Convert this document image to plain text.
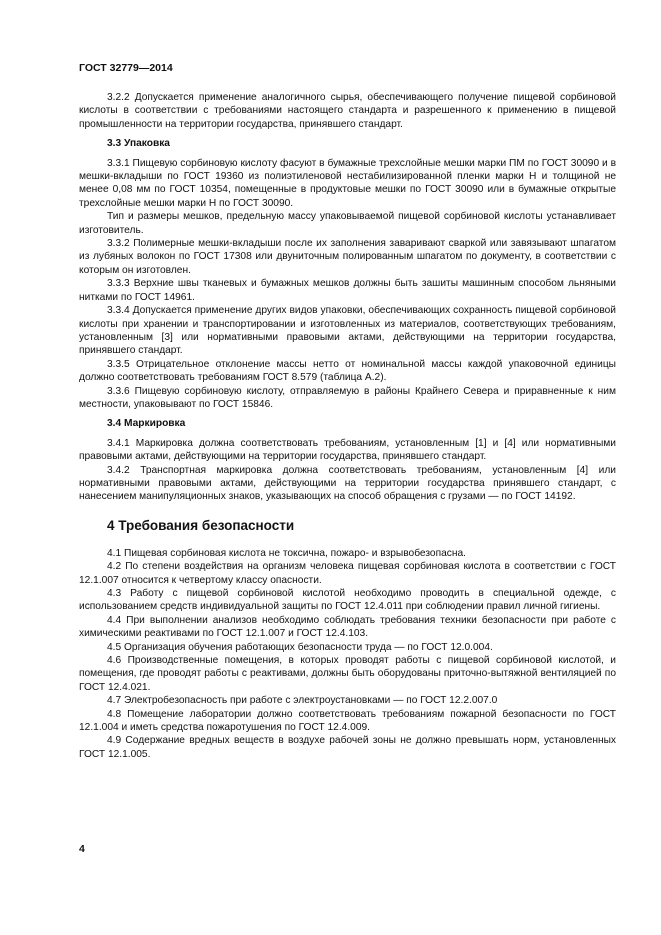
ГОСТ 32779—2014

3.2.2 Допускается применение аналогичного сырья, обеспечивающего получение пищевой сорбиновой кислоты в соответствии с требованиями настоящего стандарта и разрешенного к применению в пищевой промышленности на территории государства, принявшего стандарт.

3.3 Упаковка

3.3.1 Пищевую сорбиновую кислоту фасуют в бумажные трехслойные мешки марки ПМ по ГОСТ 30090 и в мешки-вкладыши по ГОСТ 19360 из полиэтиленовой нестабилизированной пленки марки Н и толщиной не менее 0,08 мм по ГОСТ 10354, помещенные в продуктовые мешки по ГОСТ 30090 или в бумажные открытые трехслойные мешки марки Н по ГОСТ 30090.

Тип и размеры мешков, предельную массу упаковываемой пищевой сорбиновой кислоты устанавливает изготовитель.

3.3.2 Полимерные мешки-вкладыши после их заполнения заваривают сваркой или завязывают шпагатом из лубяных волокон по ГОСТ 17308 или двуниточным полированным шпагатом по документу, в соответствии с которым он изготовлен.

3.3.3 Верхние швы тканевых и бумажных мешков должны быть зашиты машинным способом льняными нитками по ГОСТ 14961.

3.3.4 Допускается применение других видов упаковки, обеспечивающих сохранность пищевой сорбиновой кислоты при хранении и транспортировании и изготовленных из материалов, соответствующих требованиям, установленным [3] или нормативными правовыми актами, действующими на территории государства, принявшего стандарт.

3.3.5 Отрицательное отклонение массы нетто от номинальной массы каждой упаковочной единицы должно соответствовать требованиям ГОСТ 8.579 (таблица А.2).

3.3.6 Пищевую сорбиновую кислоту, отправляемую в районы Крайнего Севера и приравненные к ним местности, упаковывают по ГОСТ 15846.

3.4 Маркировка

3.4.1 Маркировка должна соответствовать требованиям, установленным [1] и [4] или нормативными правовыми актами, действующими на территории государства, принявшего стандарт.

3.4.2 Транспортная маркировка должна соответствовать требованиям, установленным [4] или нормативными правовыми актами, действующими на территории государства принявшего стандарт, с нанесением манипуляционных знаков, указывающих на способ обращения с грузами — по ГОСТ 14192.

4 Требования безопасности

4.1 Пищевая сорбиновая кислота не токсична, пожаро- и взрывобезопасна.

4.2 По степени воздействия на организм человека пищевая сорбиновая кислота в соответствии с ГОСТ 12.1.007 относится к четвертому классу опасности.

4.3 Работу с пищевой сорбиновой кислотой необходимо проводить в специальной одежде, с использованием средств индивидуальной защиты по ГОСТ 12.4.011 при соблюдении правил личной гигиены.

4.4 При выполнении анализов необходимо соблюдать требования техники безопасности при работе с химическими реактивами по ГОСТ 12.1.007 и ГОСТ 12.4.103.

4.5 Организация обучения работающих безопасности труда — по ГОСТ 12.0.004.

4.6 Производственные помещения, в которых проводят работы с пищевой сорбиновой кислотой, и помещения, где проводят работы с реактивами, должны быть оборудованы приточно-вытяжной вентиляцией по ГОСТ 12.4.021.

4.7 Электробезопасность при работе с электроустановками — по ГОСТ 12.2.007.0

4.8 Помещение лаборатории должно соответствовать требованиям пожарной безопасности по ГОСТ 12.1.004 и иметь средства пожаротушения по ГОСТ 12.4.009.

4.9 Содержание вредных веществ в воздухе рабочей зоны не должно превышать норм, установленных ГОСТ 12.1.005.

4
